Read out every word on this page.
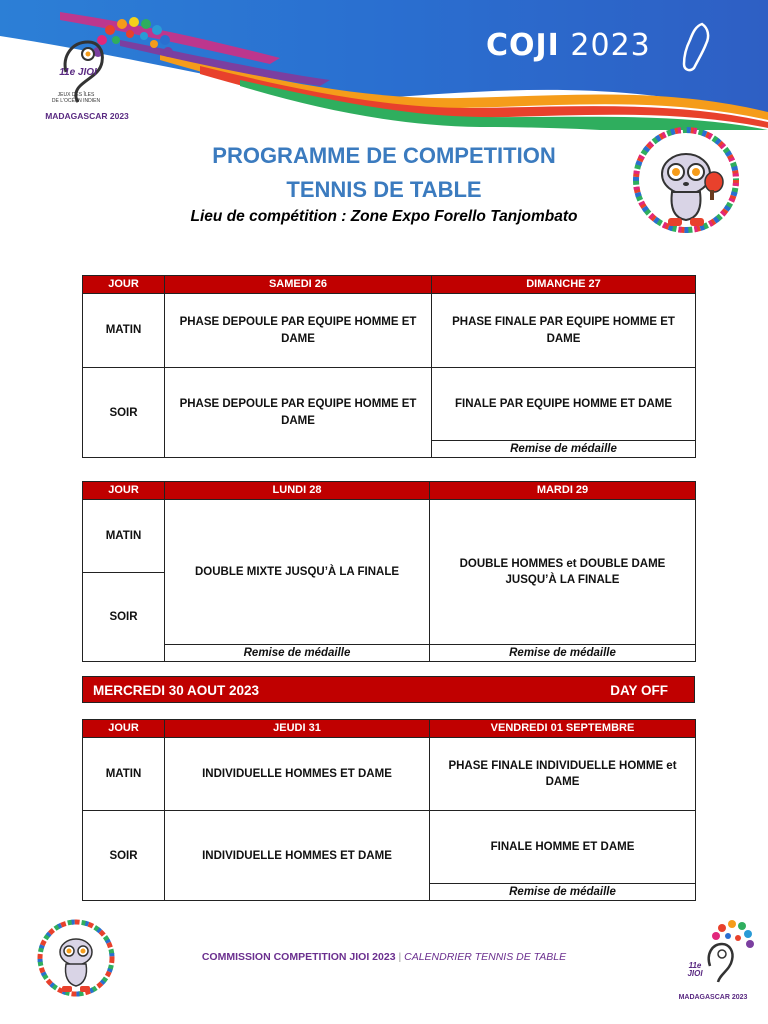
COJI 2023
11e JIOI
JEUX DES ÎLES
DE L'OCÉAN INDIEN
MADAGASCAR 2023
PROGRAMME DE COMPETITION
TENNIS DE TABLE
Lieu de compétition : Zone Expo Forello Tanjombato
JOUR	SAMEDI 26	DIMANCHE 27
MATIN	PHASE DEPOULE PAR EQUIPE HOMME ET DAME	PHASE FINALE PAR EQUIPE HOMME ET DAME
SOIR	PHASE DEPOULE PAR EQUIPE HOMME ET DAME	FINALE PAR EQUIPE HOMME ET DAME
		Remise de médaille
JOUR	LUNDI 28	MARDI 29
MATIN	DOUBLE MIXTE JUSQU’À LA FINALE	DOUBLE HOMMES et DOUBLE DAME JUSQU’À LA FINALE
SOIR		
	Remise de médaille	Remise de médaille
MERCREDI 30 AOUT 2023	DAY OFF
JOUR	JEUDI 31	VENDREDI 01 SEPTEMBRE
MATIN	INDIVIDUELLE HOMMES ET DAME	PHASE FINALE INDIVIDUELLE HOMME et DAME
SOIR	INDIVIDUELLE HOMMES ET DAME	FINALE HOMME ET DAME
		Remise de médaille
COMMISSION COMPETITION JIOI 2023 | CALENDRIER TENNIS DE TABLE
11e JIOI
MADAGASCAR 2023
